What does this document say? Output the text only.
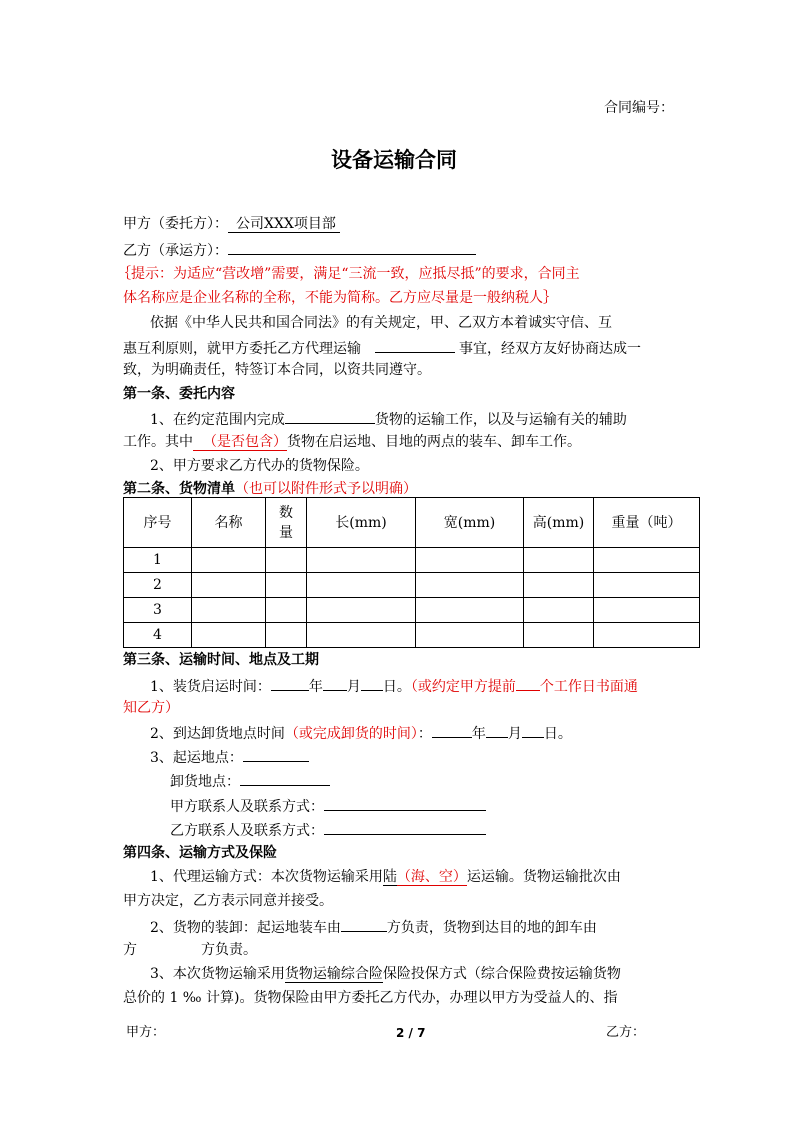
合同编号：
设备运输合同
甲方（委托方）： 公司XXX项目部
乙方（承运方）：
｛提示：为适应“营改增”需要，满足“三流一致，应抵尽抵”的要求，合同主
体名称应是企业名称的全称，不能为简称。乙方应尽量是一般纳税人｝
依据《中华人民共和国合同法》的有关规定，甲、乙双方本着诚实守信、互
惠互利原则，就甲方委托乙方代理运输	事宜，经双方友好协商达成一
致，为明确责任，特签订本合同，以资共同遵守。
第一条、委托内容
1、在约定范围内完成	货物的运输工作，以及与运输有关的辅助
工作。其中 （是否包含）货物在启运地、目地的两点的装车、卸车工作。
2、甲方要求乙方代办的货物保险。
第二条、货物清单（也可以附件形式予以明确）
序号	名称	数量	长(mm)	宽(mm)	高(mm)	重量（吨）
1						
2						
3						
4						
第三条、运输时间、地点及工期
1、装货启运时间：	年 月 日。（或约定甲方提前 个工作日书面通
知乙方）
2、到达卸货地点时间（或完成卸货的时间）：	年 月 日。
3、起运地点：
卸货地点：
甲方联系人及联系方式：
乙方联系人及联系方式：
第四条、运输方式及保险
1、代理运输方式：本次货物运输采用陆（海、空）运运输。货物运输批次由
甲方决定，乙方表示同意并接受。
2、货物的装卸：起运地装车由	方负责，货物到达目的地的卸车由
方	方负责。
3、本次货物运输采用货物运输综合险保险投保方式（综合保险费按运输货物
总价的 1 ‰ 计算)。货物保险由甲方委托乙方代办，办理以甲方为受益人的、指
甲方：	2 / 7	乙方：
